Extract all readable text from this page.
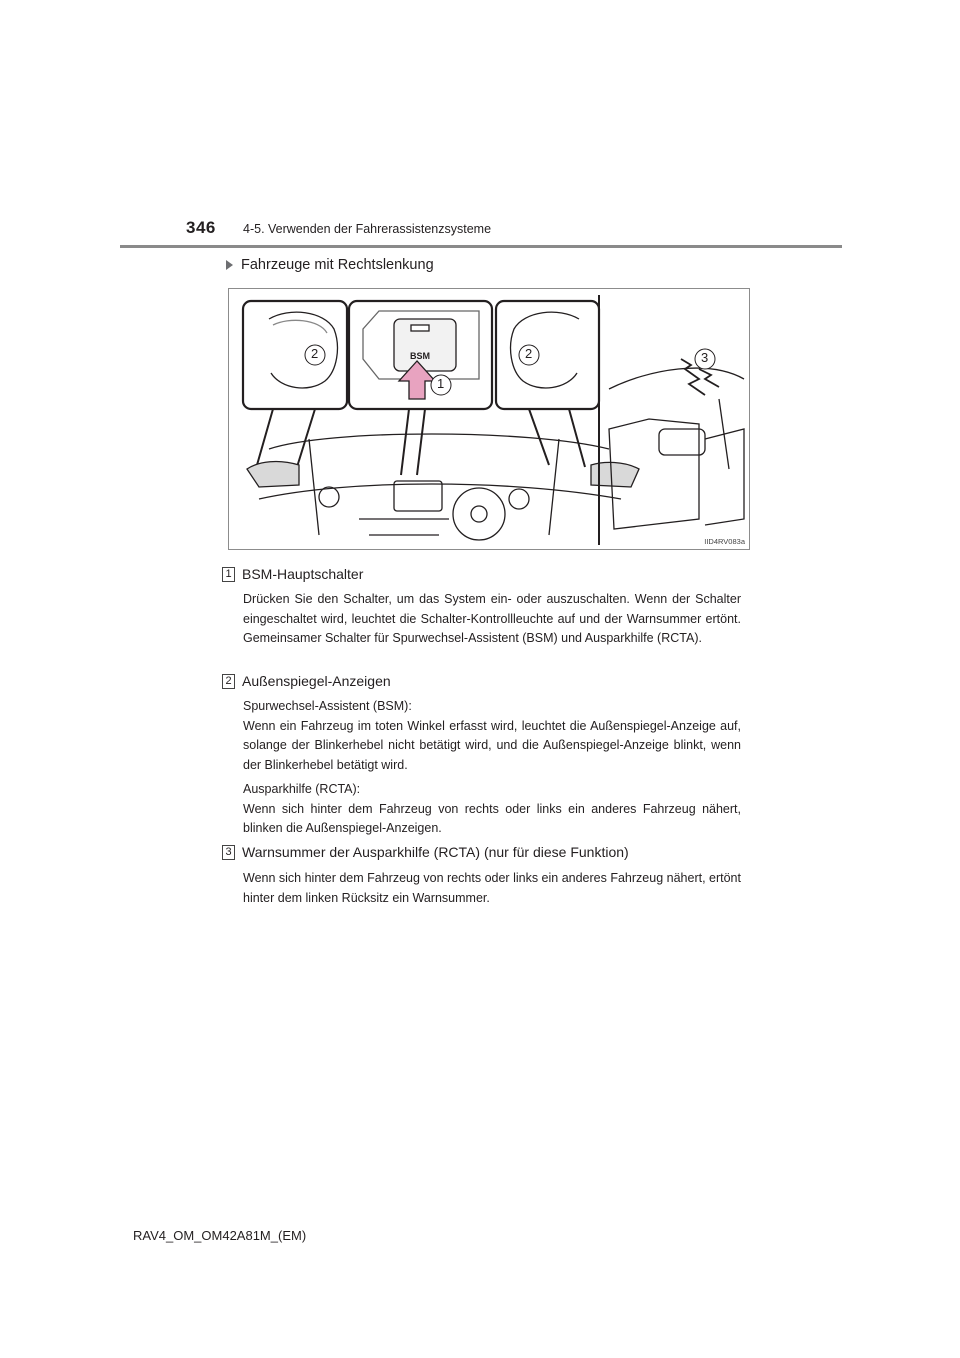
346 4-5. Verwenden der Fahrerassistenzsysteme
Fahrzeuge mit Rechtslenkung
BSM
2
1
2	3
IID4RV083a
1 BSM-Hauptschalter
Drücken Sie den Schalter, um das System ein- oder auszuschalten. Wenn der Schalter eingeschaltet wird, leuchtet die Schalter-Kontrollleuchte auf und der Warnsummer ertönt. Gemeinsamer Schalter für Spurwechsel-Assistent (BSM) und Ausparkhilfe (RCTA).
2 Außenspiegel-Anzeigen
Spurwechsel-Assistent (BSM):
Wenn ein Fahrzeug im toten Winkel erfasst wird, leuchtet die Außenspiegel-Anzeige auf, solange der Blinkerhebel nicht betätigt wird, und die Außenspiegel-Anzeige blinkt, wenn der Blinkerhebel betätigt wird.
Ausparkhilfe (RCTA):
Wenn sich hinter dem Fahrzeug von rechts oder links ein anderes Fahrzeug nähert, blinken die Außenspiegel-Anzeigen.
3 Warnsummer der Ausparkhilfe (RCTA) (nur für diese Funktion)
Wenn sich hinter dem Fahrzeug von rechts oder links ein anderes Fahrzeug nähert, ertönt hinter dem linken Rücksitz ein Warnsummer.
RAV4_OM_OM42A81M_(EM)
